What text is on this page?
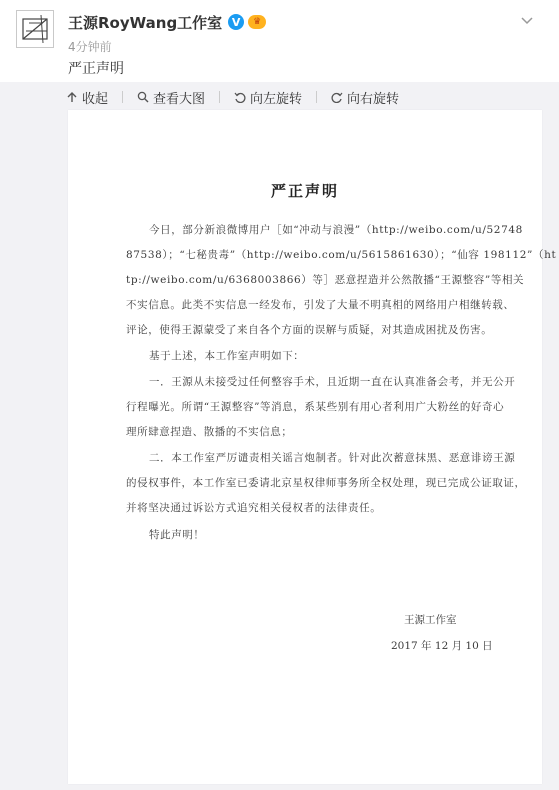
王源RoyWang工作室 V	♛
4分钟前
严正声明
收起	查看大图	向左旋转	向右旋转
严正声明
今日，部分新浪微博用户［如“冲动与浪漫”（http://weibo.com/u/52748
87538）；“七秘贵毒”（http://weibo.com/u/5615861630）；“仙容 198112”（ht
tp://weibo.com/u/6368003866）等］恶意捏造并公然散播“王源整容”等相关
不实信息。此类不实信息一经发布，引发了大量不明真相的网络用户相继转载、
评论，使得王源蒙受了来自各个方面的误解与质疑，对其造成困扰及伤害。
基于上述，本工作室声明如下：
一．王源从未接受过任何整容手术，且近期一直在认真准备会考，并无公开
行程曝光。所谓“王源整容”等消息，系某些别有用心者利用广大粉丝的好奇心
理所肆意捏造、散播的不实信息；
二．本工作室严厉谴责相关谣言炮制者。针对此次蓄意抹黑、恶意诽谤王源
的侵权事件，本工作室已委请北京星权律师事务所全权处理，现已完成公证取证，
并将坚决通过诉讼方式追究相关侵权者的法律责任。
特此声明！
王源工作室
2017 年 12 月 10 日
